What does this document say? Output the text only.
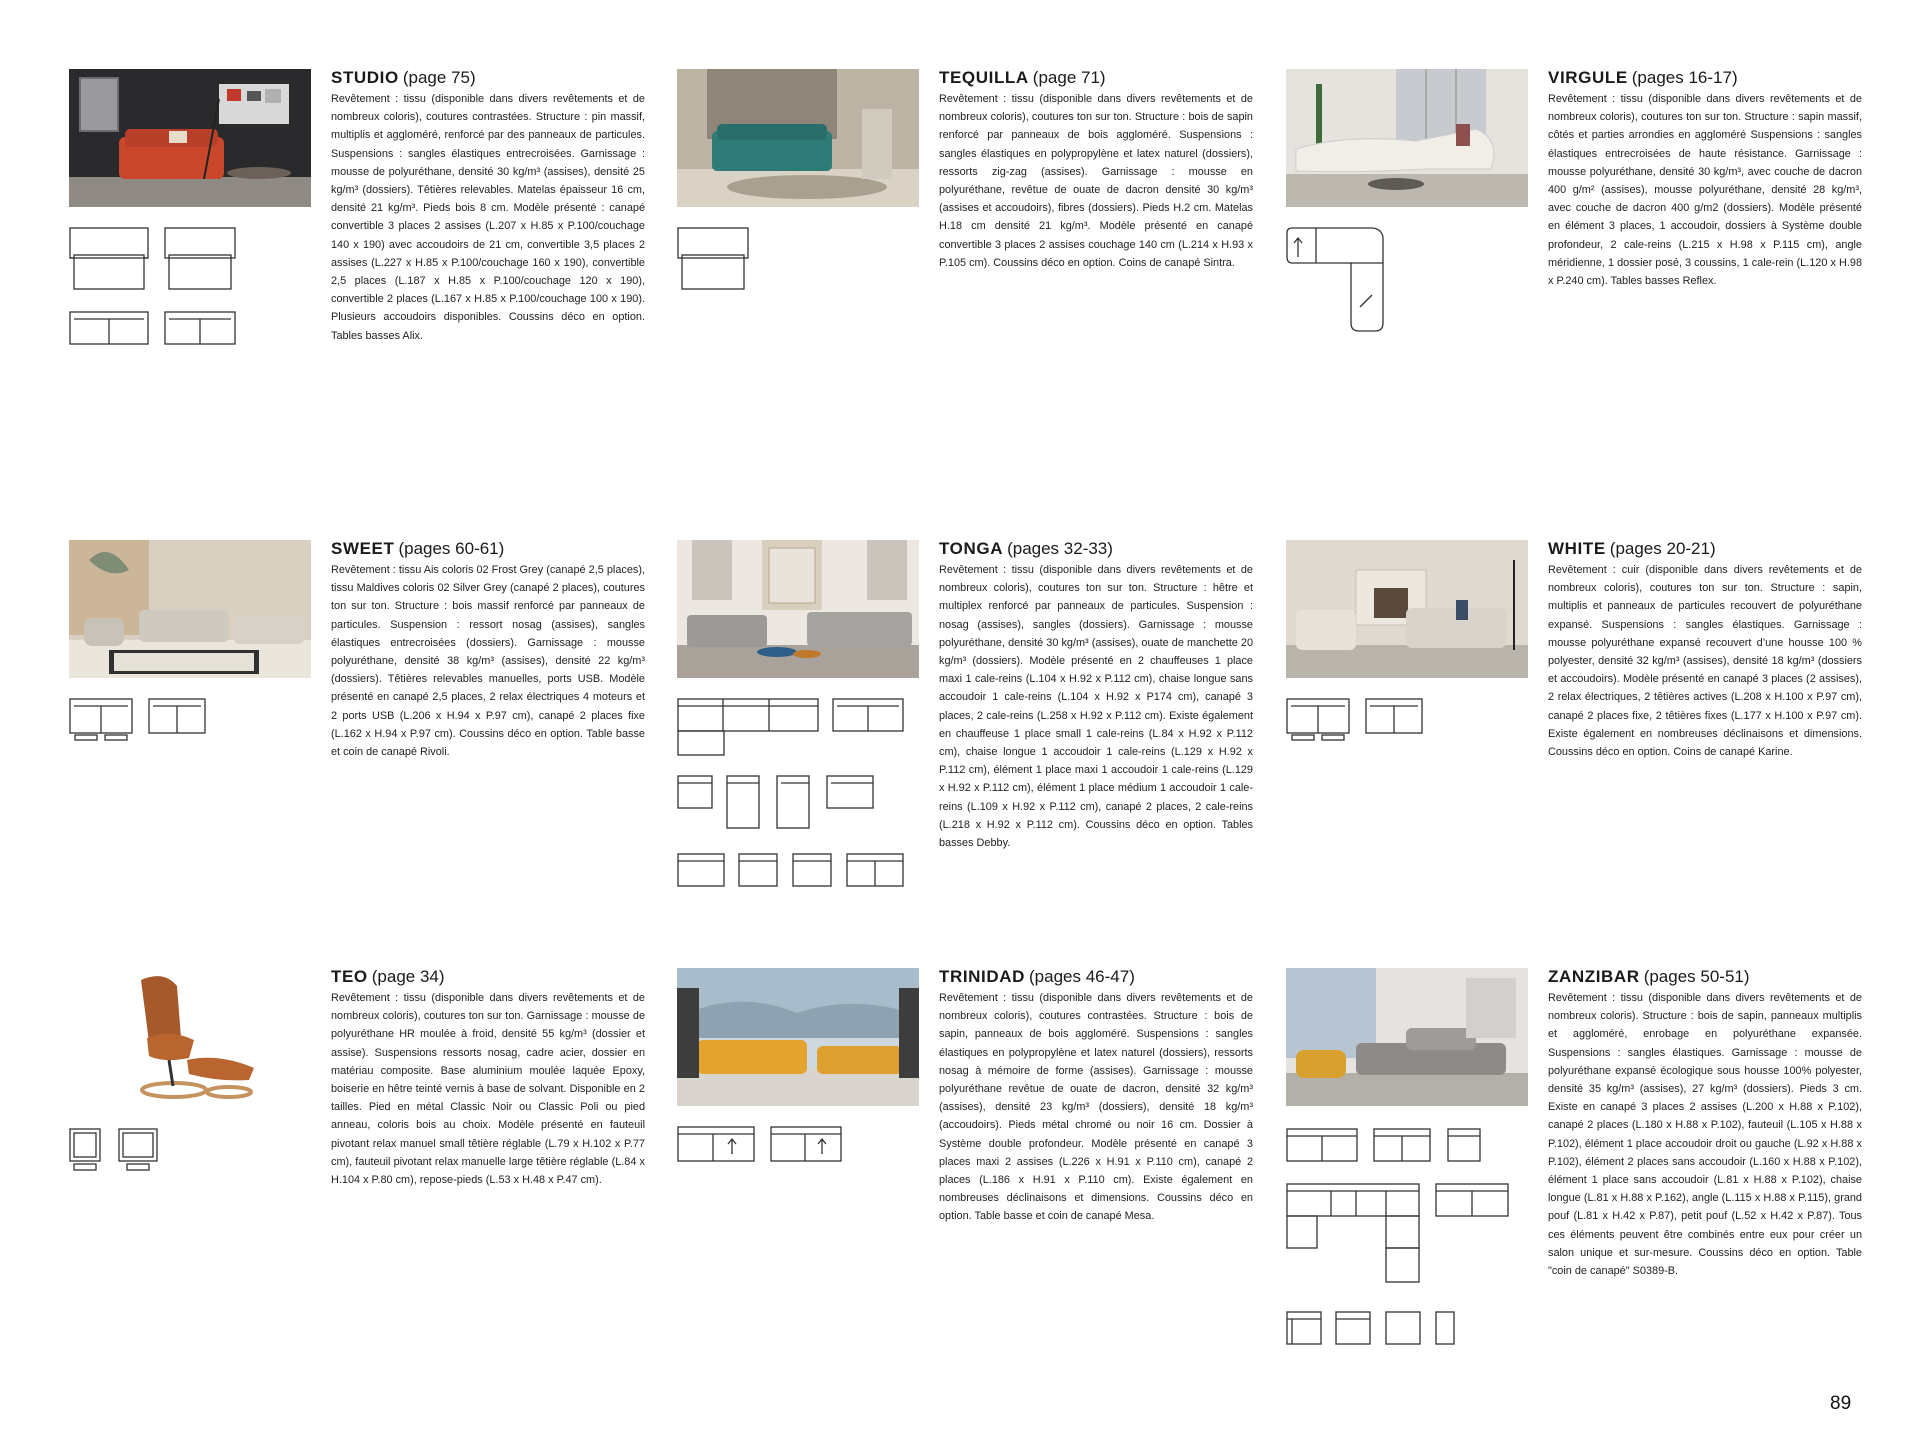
STUDIO (page 75)

Revêtement : tissu (disponible dans divers revêtements et de nombreux coloris), coutures contrastées. Structure : pin massif, multiplis et aggloméré, renforcé par des panneaux de particules. Suspensions : sangles élastiques entrecroisées. Garnissage : mousse de polyuréthane, densité 30 kg/m³ (assises), densité 25 kg/m³ (dossiers). Têtières relevables. Matelas épaisseur 16 cm, densité 21 kg/m³. Pieds bois 8 cm. Modèle présenté : canapé convertible 3 places 2 assises (L.207 x H.85 x P.100/couchage 140 x 190) avec accoudoirs de 21 cm, convertible 3,5 places 2 assises (L.227 x H.85 x P.100/couchage 160 x 190), convertible 2,5 places (L.187 x H.85 x P.100/couchage 120 x 190), convertible 2 places (L.167 x H.85 x P.100/couchage 100 x 190). Plusieurs accoudoirs disponibles. Coussins déco en option. Tables basses Alix.

TEQUILLA (page 71)

Revêtement : tissu (disponible dans divers revêtements et de nombreux coloris), coutures ton sur ton. Structure : bois de sapin renforcé par panneaux de bois aggloméré. Suspensions : sangles élastiques en polypropylène et latex naturel (dossiers), ressorts zig-zag (assises). Garnissage : mousse en polyuréthane, revêtue de ouate de dacron densité 30 kg/m³ (assises et accoudoirs), fibres (dossiers). Pieds H.2 cm. Matelas H.18 cm densité 21 kg/m³. Modèle présenté en canapé convertible 3 places 2 assises couchage 140 cm (L.214 x H.93 x P.105 cm). Coussins déco en option. Coins de canapé Sintra.

VIRGULE (pages 16-17)

Revêtement : tissu (disponible dans divers revêtements et de nombreux coloris), coutures ton sur ton. Structure : sapin massif, côtés et parties arrondies en aggloméré Suspensions : sangles élastiques entrecroisées de haute résistance. Garnissage : mousse polyuréthane, densité 30 kg/m³, avec couche de dacron 400 g/m² (assises), mousse polyuréthane, densité 28 kg/m³, avec couche de dacron 400 g/m2 (dossiers). Modèle présenté en élément 3 places, 1 accoudoir, dossiers à Système double profondeur, 2 cale-reins (L.215 x H.98 x P.115 cm), angle méridienne, 1 dossier posé, 3 coussins, 1 cale-rein (L.120 x H.98 x P.240 cm). Tables basses Reflex.

SWEET (pages 60-61)

Revêtement : tissu Ais coloris 02 Frost Grey (canapé 2,5 places), tissu Maldives coloris 02 Silver Grey (canapé 2 places), coutures ton sur ton. Structure : bois massif renforcé par panneaux de particules. Suspension : ressort nosag (assises), sangles élastiques entrecroisées (dossiers). Garnissage : mousse polyuréthane, densité 38 kg/m³ (assises), densité 22 kg/m³ (dossiers). Têtières relevables manuelles, ports USB. Modèle présenté en canapé 2,5 places, 2 relax électriques 4 moteurs et 2 ports USB (L.206 x H.94 x P.97 cm), canapé 2 places fixe (L.162 x H.94 x P.97 cm). Coussins déco en option. Table basse et coin de canapé Rivoli.

TONGA (pages 32-33)

Revêtement : tissu (disponible dans divers revêtements et de nombreux coloris), coutures ton sur ton. Structure : hêtre et multiplex renforcé par panneaux de particules. Suspension : nosag (assises), sangles (dossiers). Garnissage : mousse polyuréthane, densité 30 kg/m³ (assises), ouate de manchette 20 kg/m³ (dossiers). Modèle présenté en 2 chauffeuses 1 place maxi 1 cale-reins (L.104 x H.92 x P.112 cm), chaise longue sans accoudoir 1 cale-reins (L.104 x H.92 x P174 cm), canapé 3 places, 2 cale-reins (L.258 x H.92 x P.112 cm). Existe également en chauffeuse 1 place small 1 cale-reins (L.84 x H.92 x P.112 cm), chaise longue 1 accoudoir 1 cale-reins (L.129 x H.92 x P.112 cm), élément 1 place maxi 1 accoudoir 1 cale-reins (L.129 x H.92 x P.112 cm), élément 1 place médium 1 accoudoir 1 cale-reins (L.109 x H.92 x P.112 cm), canapé 2 places, 2 cale-reins (L.218 x H.92 x P.112 cm). Coussins déco en option. Tables basses Debby.

WHITE (pages 20-21)

Revêtement : cuir (disponible dans divers revêtements et de nombreux coloris), coutures ton sur ton. Structure : sapin, multiplis et panneaux de particules recouvert de polyuréthane expansé. Suspensions : sangles élastiques. Garnissage : mousse polyuréthane expansé recouvert d’une housse 100 % polyester, densité 32 kg/m³ (assises), densité 18 kg/m³ (dossiers et accoudoirs). Modèle présenté en canapé 3 places (2 assises), 2 relax électriques, 2 têtières actives (L.208 x H.100 x P.97 cm), canapé 2 places fixe, 2 têtières fixes (L.177 x H.100 x P.97 cm). Existe également en nombreuses déclinaisons et dimensions. Coussins déco en option. Coins de canapé Karine.

TEO (page 34)

Revêtement : tissu (disponible dans divers revêtements et de nombreux coloris), coutures ton sur ton. Garnissage : mousse de polyuréthane HR moulée à froid, densité 55 kg/m³ (dossier et assise). Suspensions ressorts nosag, cadre acier, dossier en matériau composite. Base aluminium moulée laquée Epoxy, boiserie en hêtre teinté vernis à base de solvant. Disponible en 2 tailles. Pied en métal Classic Noir ou Classic Poli ou pied anneau, coloris bois au choix. Modèle présenté en fauteuil pivotant relax manuel small têtière réglable (L.79 x H.102 x P.77 cm), fauteuil pivotant relax manuelle large têtière réglable (L.84 x H.104 x P.80 cm), repose-pieds (L.53 x H.48 x P.47 cm).

TRINIDAD (pages 46-47)

Revêtement : tissu (disponible dans divers revêtements et de nombreux coloris), coutures contrastées. Structure : bois de sapin, panneaux de bois aggloméré. Suspensions : sangles élastiques en polypropylène et latex naturel (dossiers), ressorts nosag à mémoire de forme (assises). Garnissage : mousse polyuréthane revêtue de ouate de dacron, densité 32 kg/m³ (assises), densité 23 kg/m³ (dossiers), densité 18 kg/m³ (accoudoirs). Pieds métal chromé ou noir 16 cm. Dossier à Système double profondeur. Modèle présenté en canapé 3 places maxi 2 assises (L.226 x H.91 x P.110 cm), canapé 2 places (L.186 x H.91 x P.110 cm). Existe également en nombreuses déclinaisons et dimensions. Coussins déco en option. Table basse et coin de canapé Mesa.

ZANZIBAR (pages 50-51)

Revêtement : tissu (disponible dans divers revêtements et de nombreux coloris). Structure : bois de sapin, panneaux multiplis et aggloméré, enrobage en polyuréthane expansée. Suspensions : sangles élastiques. Garnissage : mousse de polyuréthane expansé écologique sous housse 100% polyester, densité 35 kg/m³ (assises), 27 kg/m³ (dossiers). Pieds 3 cm. Existe en canapé 3 places 2 assises (L.200 x H.88 x P.102), canapé 2 places (L.180 x H.88 x P.102), fauteuil (L.105 x H.88 x P.102), élément 1 place accoudoir droit ou gauche (L.92 x H.88 x P.102), élément 2 places sans accoudoir (L.160 x H.88 x P.102), élément 1 place sans accoudoir (L.81 x H.88 x P.102), chaise longue (L.81 x H.88 x P.162), angle (L.115 x H.88 x P.115), grand pouf (L.81 x H.42 x P.87), petit pouf (L.52 x H.42 x P.87). Tous ces éléments peuvent être combinés entre eux pour créer un salon unique et sur-mesure. Coussins déco en option. Table "coin de canapé" S0389-B.

89
